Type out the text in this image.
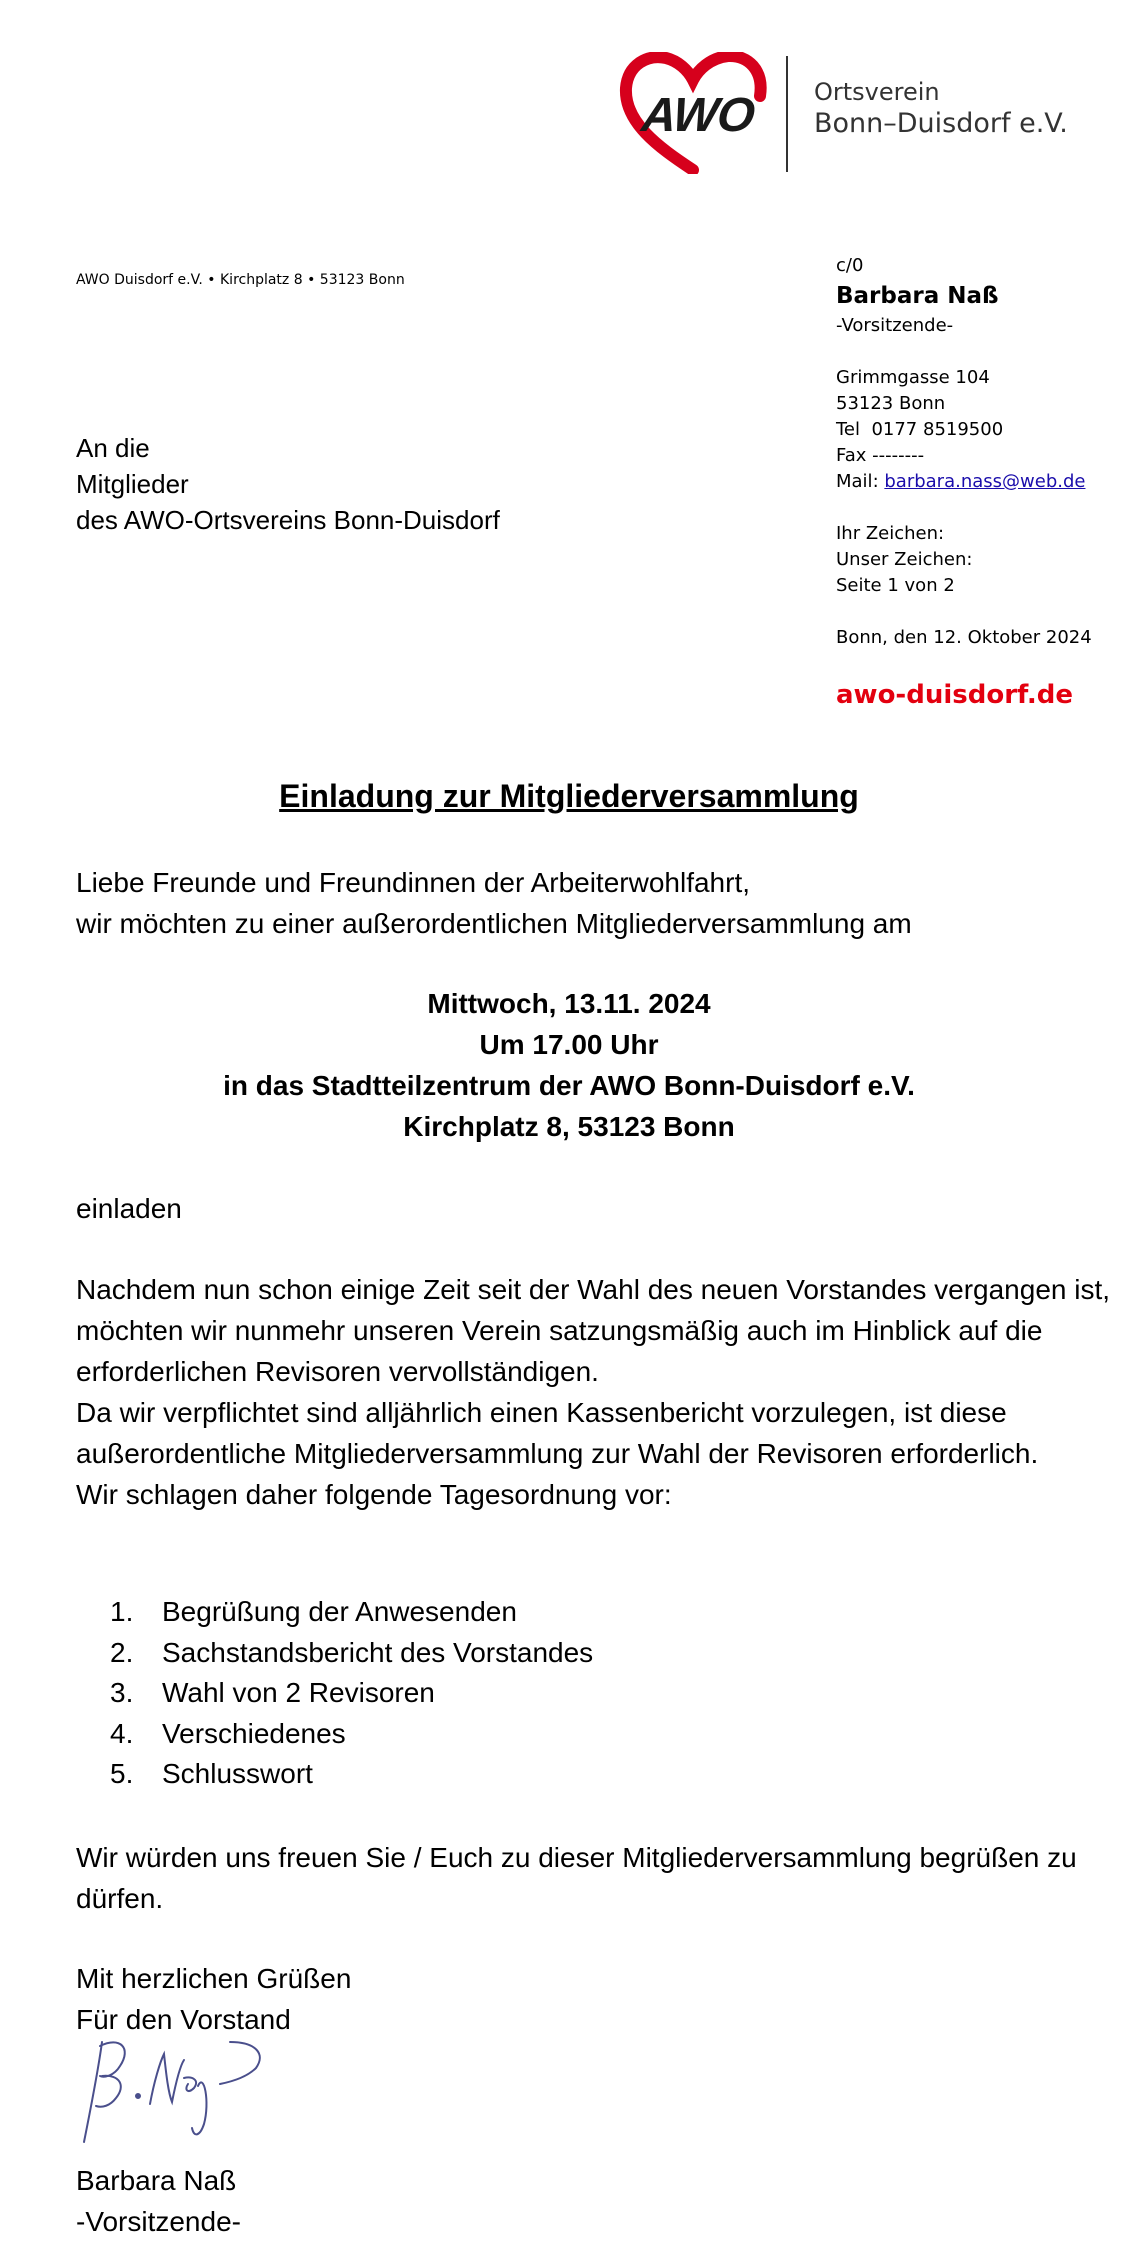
AWO Ortsverein
Bonn–Duisdorf e.V.
AWO Duisdorf e.V. • Kirchplatz 8 • 53123 Bonn
An die
Mitglieder
des AWO-Ortsvereins Bonn-Duisdorf
c/0
Barbara Naß
-Vorsitzende-
Grimmgasse 104
53123 Bonn
Tel  0177 8519500
Fax --------
Mail: barbara.nass@web.de
Ihr Zeichen:
Unser Zeichen:
Seite 1 von 2
Bonn, den 12. Oktober 2024
awo-duisdorf.de
Einladung zur Mitgliederversammlung
Liebe Freunde und Freundinnen der Arbeiterwohlfahrt,
wir möchten zu einer außerordentlichen Mitgliederversammlung am
Mittwoch, 13.11. 2024
Um 17.00 Uhr
in das Stadtteilzentrum der AWO Bonn-Duisdorf e.V.
Kirchplatz 8, 53123 Bonn
einladen
Nachdem nun schon einige Zeit seit der Wahl des neuen Vorstandes vergangen ist,
möchten wir nunmehr unseren Verein satzungsmäßig auch im Hinblick auf die
erforderlichen Revisoren vervollständigen.
Da wir verpflichtet sind alljährlich einen Kassenbericht vorzulegen, ist diese
außerordentliche Mitgliederversammlung zur Wahl der Revisoren erforderlich.
Wir schlagen daher folgende Tagesordnung vor:
1. Begrüßung der Anwesenden
2. Sachstandsbericht des Vorstandes
3. Wahl von 2 Revisoren
4. Verschiedenes
5. Schlusswort
Wir würden uns freuen Sie / Euch zu dieser Mitgliederversammlung begrüßen zu
dürfen.
Mit herzlichen Grüßen
Für den Vorstand
Barbara Naß
-Vorsitzende-
